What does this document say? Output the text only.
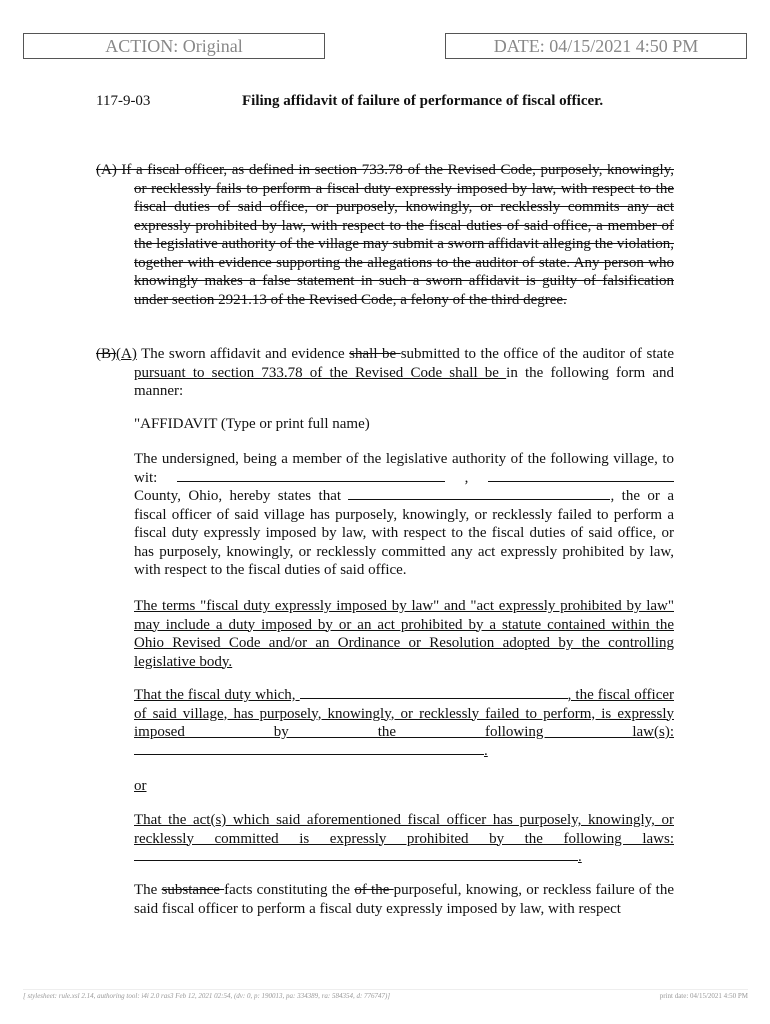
ACTION: Original	DATE: 04/15/2021 4:50 PM
117-9-03	Filing affidavit of failure of performance of fiscal officer.
(A) If a fiscal officer, as defined in section 733.78 of the Revised Code, purposely, knowingly, or recklessly fails to perform a fiscal duty expressly imposed by law, with respect to the fiscal duties of said office, or purposely, knowingly, or recklessly commits any act expressly prohibited by law, with respect to the fiscal duties of said office, a member of the legislative authority of the village may submit a sworn affidavit alleging the violation, together with evidence supporting the allegations to the auditor of state. Any person who knowingly makes a false statement in such a sworn affidavit is guilty of falsification under section 2921.13 of the Revised Code, a felony of the third degree.
(B)(A) The sworn affidavit and evidence shall be submitted to the office of the auditor of state pursuant to section 733.78 of the Revised Code shall be in the following form and manner:
"AFFIDAVIT (Type or print full name)
The undersigned, being a member of the legislative authority of the following village, to wit:	,  County, Ohio, hereby states that	, the or a fiscal officer of said village has purposely, knowingly, or recklessly failed to perform a fiscal duty expressly imposed by law, with respect to the fiscal duties of said office, or has purposely, knowingly, or recklessly committed any act expressly prohibited by law, with respect to the fiscal duties of said office.
The terms "fiscal duty expressly imposed by law" and "act expressly prohibited by law" may include a duty imposed by or an act prohibited by a statute contained within the Ohio Revised Code and/or an Ordinance or Resolution adopted by the controlling legislative body.
That the fiscal duty which,	, the fiscal officer of said village, has purposely, knowingly, or recklessly failed to perform, is expressly imposed by the following law(s): .
or
That the act(s) which said aforementioned fiscal officer has purposely, knowingly, or recklessly committed is expressly prohibited by the following laws: .
The substance facts constituting the of the purposeful, knowing, or reckless failure of the said fiscal officer to perform a fiscal duty expressly imposed by law, with respect
[ stylesheet: rule.xsl 2.14, authoring tool: i4i 2.0 ras3 Feb 12, 2021 02:54, (dv: 0, p: 190013, pa: 334389, ra: 584354, d: 776747)]	print date: 04/15/2021 4:50 PM
